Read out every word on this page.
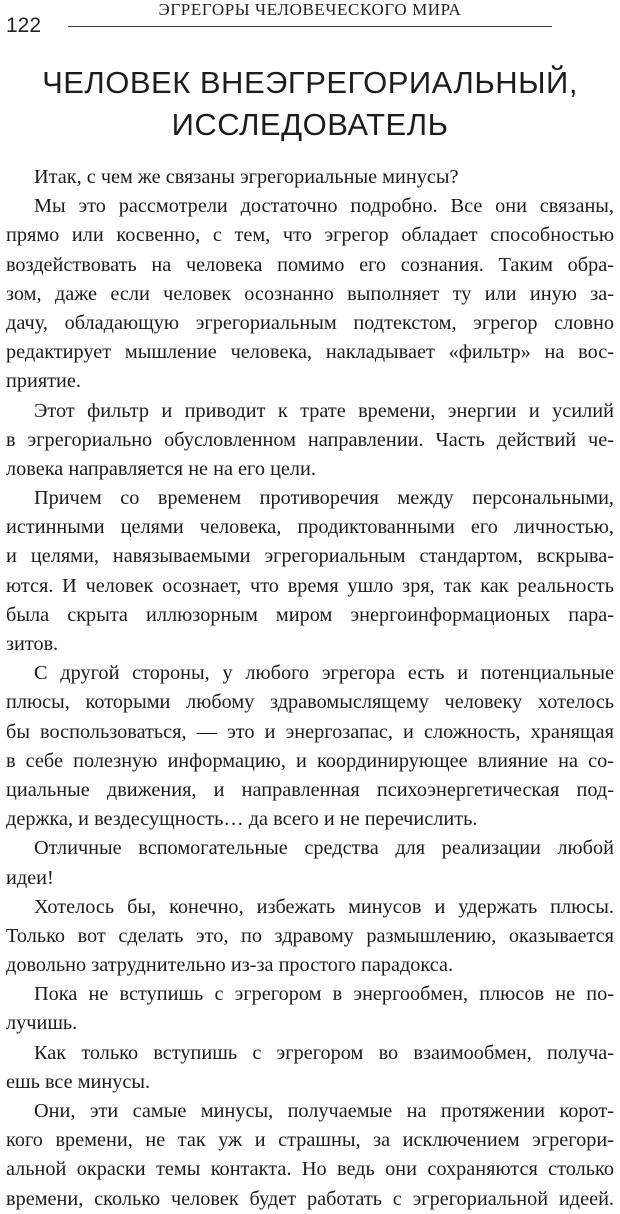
122
ЭГРЕГОРЫ ЧЕЛОВЕЧЕСКОГО МИРА
ЧЕЛОВЕК ВНЕЭГРЕГОРИАЛЬНЫЙ,
ИССЛЕДОВАТЕЛЬ
Итак, с чем же связаны эгрегориальные минусы?
Мы это рассмотрели достаточно подробно. Все они связаны,
прямо или косвенно, с тем, что эгрегор обладает способностью
воздействовать на человека помимо его сознания. Таким обра-
зом, даже если человек осознанно выполняет ту или иную за-
дачу, обладающую эгрегориальным подтекстом, эгрегор словно
редактирует мышление человека, накладывает «фильтр» на вос-
приятие.
Этот фильтр и приводит к трате времени, энергии и усилий
в эгрегориально обусловленном направлении. Часть действий че-
ловека направляется не на его цели.
Причем со временем противоречия между персональными,
истинными целями человека, продиктованными его личностью,
и целями, навязываемыми эгрегориальным стандартом, вскрыва-
ются. И человек осознает, что время ушло зря, так как реальность
была скрыта иллюзорным миром энергоинформационых пара-
зитов.
С другой стороны, у любого эгрегора есть и потенциальные
плюсы, которыми любому здравомыслящему человеку хотелось
бы воспользоваться, — это и энергозапас, и сложность, хранящая
в себе полезную информацию, и координирующее влияние на со-
циальные движения, и направленная психоэнергетическая под-
держка, и вездесущность… да всего и не перечислить.
Отличные вспомогательные средства для реализации любой
идеи!
Хотелось бы, конечно, избежать минусов и удержать плюсы.
Только вот сделать это, по здравому размышлению, оказывается
довольно затруднительно из-за простого парадокса.
Пока не вступишь с эгрегором в энергообмен, плюсов не по-
лучишь.
Как только вступишь с эгрегором во взаимообмен, получа-
ешь все минусы.
Они, эти самые минусы, получаемые на протяжении корот-
кого времени, не так уж и страшны, за исключением эгрегори-
альной окраски темы контакта. Но ведь они сохраняются столько
времени, сколько человек будет работать с эгрегориальной идеей.
